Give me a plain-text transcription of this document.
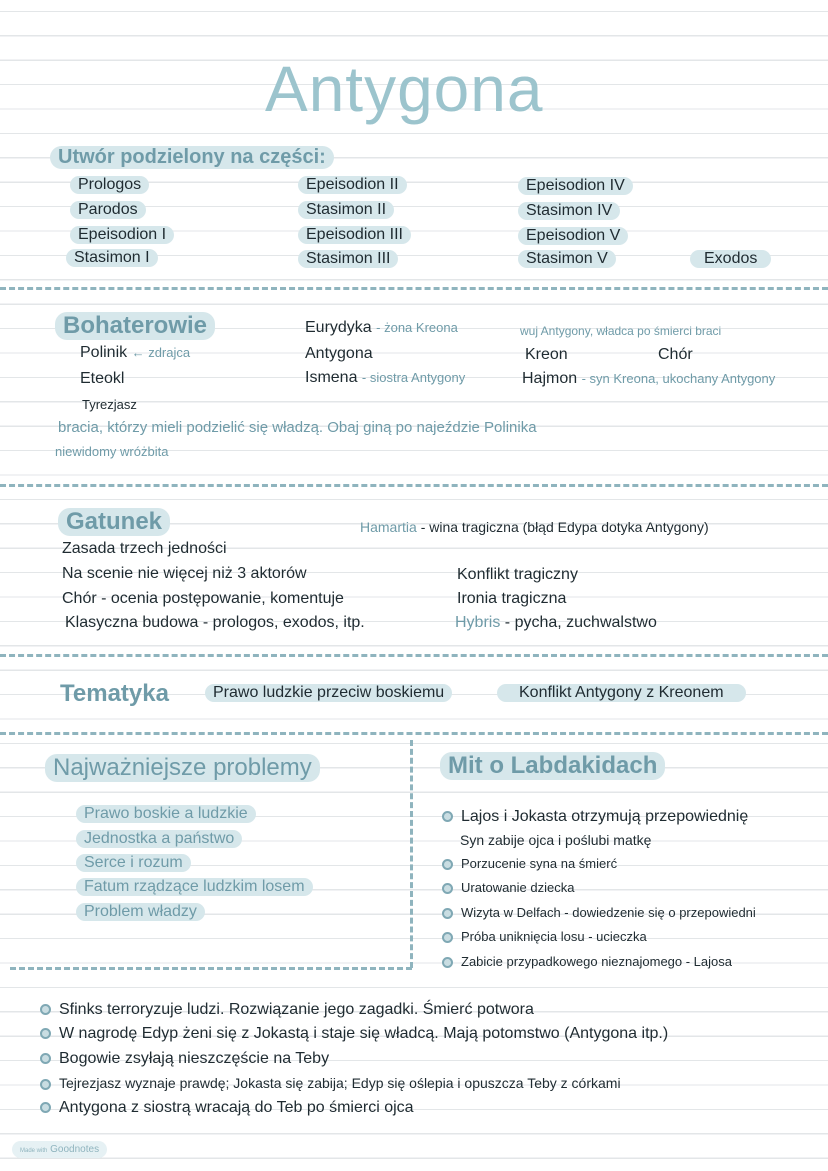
Antygona
Utwór podzielony na części:
Prologos
Parodos
Epeisodion I
Stasimon I
Epeisodion II
Stasimon II
Epeisodion III
Stasimon III
Epeisodion IV
Stasimon IV
Epeisodion V
Stasimon V	Exodos
Bohaterowie
Polinik ← zdrajca
Eteokl
Tyrezjasz
bracia, którzy mieli podzielić się władzą. Obaj giną po najeździe Polinika
niewidomy wróżbita
Eurydyka - żona Kreona
Antygona
Ismena - siostra Antygony
wuj Antygony, władca po śmierci braci
Kreon	Chór
Hajmon - syn Kreona, ukochany Antygony
Gatunek
Zasada trzech jedności
Na scenie nie więcej niż 3 aktorów
Chór - ocenia postępowanie, komentuje
Klasyczna budowa - prologos, exodos, itp.
Hamartia - wina tragiczna (błąd Edypa dotyka Antygony)
Konflikt tragiczny
Ironia tragiczna
Hybris - pycha, zuchwalstwo
Tematyka	Prawo ludzkie przeciw boskiemu	Konflikt Antygony z Kreonem
Najważniejsze problemy
Prawo boskie a ludzkie
Jednostka a państwo
Serce i rozum
Fatum rządzące ludzkim losem
Problem władzy
Mit o Labdakidach
Lajos i Jokasta otrzymują przepowiednię
Syn zabije ojca i poślubi matkę
Porzucenie syna na śmierć
Uratowanie dziecka
Wizyta w Delfach - dowiedzenie się o przepowiedni
Próba uniknięcia losu - ucieczka
Zabicie przypadkowego nieznajomego - Lajosa
Sfinks terroryzuje ludzi. Rozwiązanie jego zagadki. Śmierć potwora
W nagrodę Edyp żeni się z Jokastą i staje się władcą. Mają potomstwo (Antygona itp.)
Bogowie zsyłają nieszczęście na Teby
Tejrezjasz wyznaje prawdę; Jokasta się zabija; Edyp się oślepia i opuszcza Teby z córkami
Antygona z siostrą wracają do Teb po śmierci ojca
Made with Goodnotes
